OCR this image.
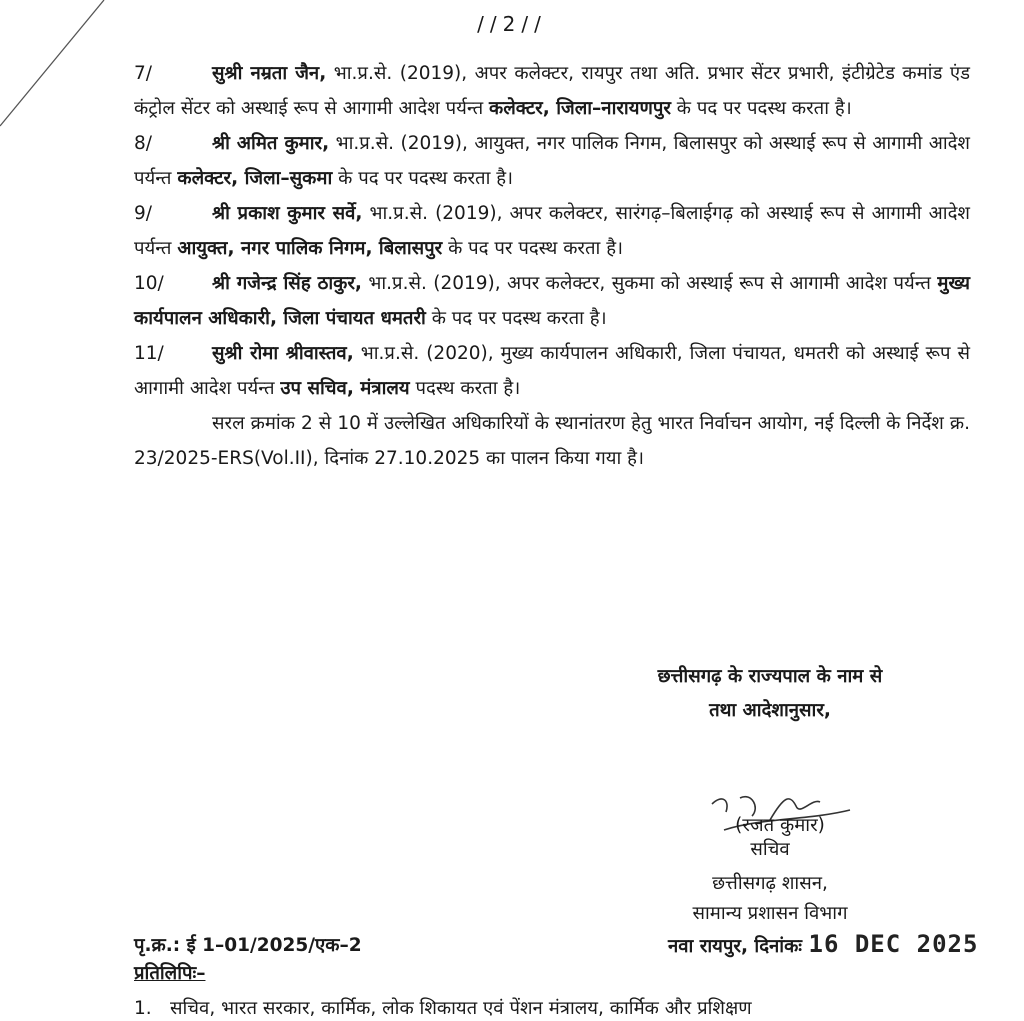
//2//

7/	सुश्री नम्रता जैन, भा.प्र.से. (2019), अपर कलेक्टर, रायपुर तथा अति. प्रभार सेंटर प्रभारी, इंटीग्रेटेड कमांड एंड कंट्रोल सेंटर को अस्थाई रूप से आगामी आदेश पर्यन्त कलेक्टर, जिला–नारायणपुर के पद पर पदस्थ करता है।

8/	श्री अमित कुमार, भा.प्र.से. (2019), आयुक्त, नगर पालिक निगम, बिलासपुर को अस्थाई रूप से आगामी आदेश पर्यन्त कलेक्टर, जिला–सुकमा के पद पर पदस्थ करता है।

9/	श्री प्रकाश कुमार सर्वे, भा.प्र.से. (2019), अपर कलेक्टर, सारंगढ़–बिलाईगढ़ को अस्थाई रूप से आगामी आदेश पर्यन्त आयुक्त, नगर पालिक निगम, बिलासपुर के पद पर पदस्थ करता है।

10/	श्री गजेन्द्र सिंह ठाकुर, भा.प्र.से. (2019), अपर कलेक्टर, सुकमा को अस्थाई रूप से आगामी आदेश पर्यन्त मुख्य कार्यपालन अधिकारी, जिला पंचायत धमतरी के पद पर पदस्थ करता है।

11/	सुश्री रोमा श्रीवास्तव, भा.प्र.से. (2020), मुख्य कार्यपालन अधिकारी, जिला पंचायत, धमतरी को अस्थाई रूप से आगामी आदेश पर्यन्त उप सचिव, मंत्रालय पदस्थ करता है।

सरल क्रमांक 2 से 10 में उल्लेखित अधिकारियों के स्थानांतरण हेतु भारत निर्वाचन आयोग, नई दिल्ली के निर्देश क्र. 23/2025-ERS(Vol.II), दिनांक 27.10.2025 का पालन किया गया है।

छत्तीसगढ़ के राज्यपाल के नाम से
तथा आदेशानुसार,
(रजत कुमार)
सचिव
छत्तीसगढ़ शासन,
सामान्य प्रशासन विभाग
पृ.क्र.: ई 1–01/2025/एक–2	नवा रायपुर, दिनांकः 16 DEC 2025
प्रतिलिपिः–
1. सचिव, भारत सरकार, कार्मिक, लोक शिकायत एवं पेंशन मंत्रालय, कार्मिक और प्रशिक्षण
